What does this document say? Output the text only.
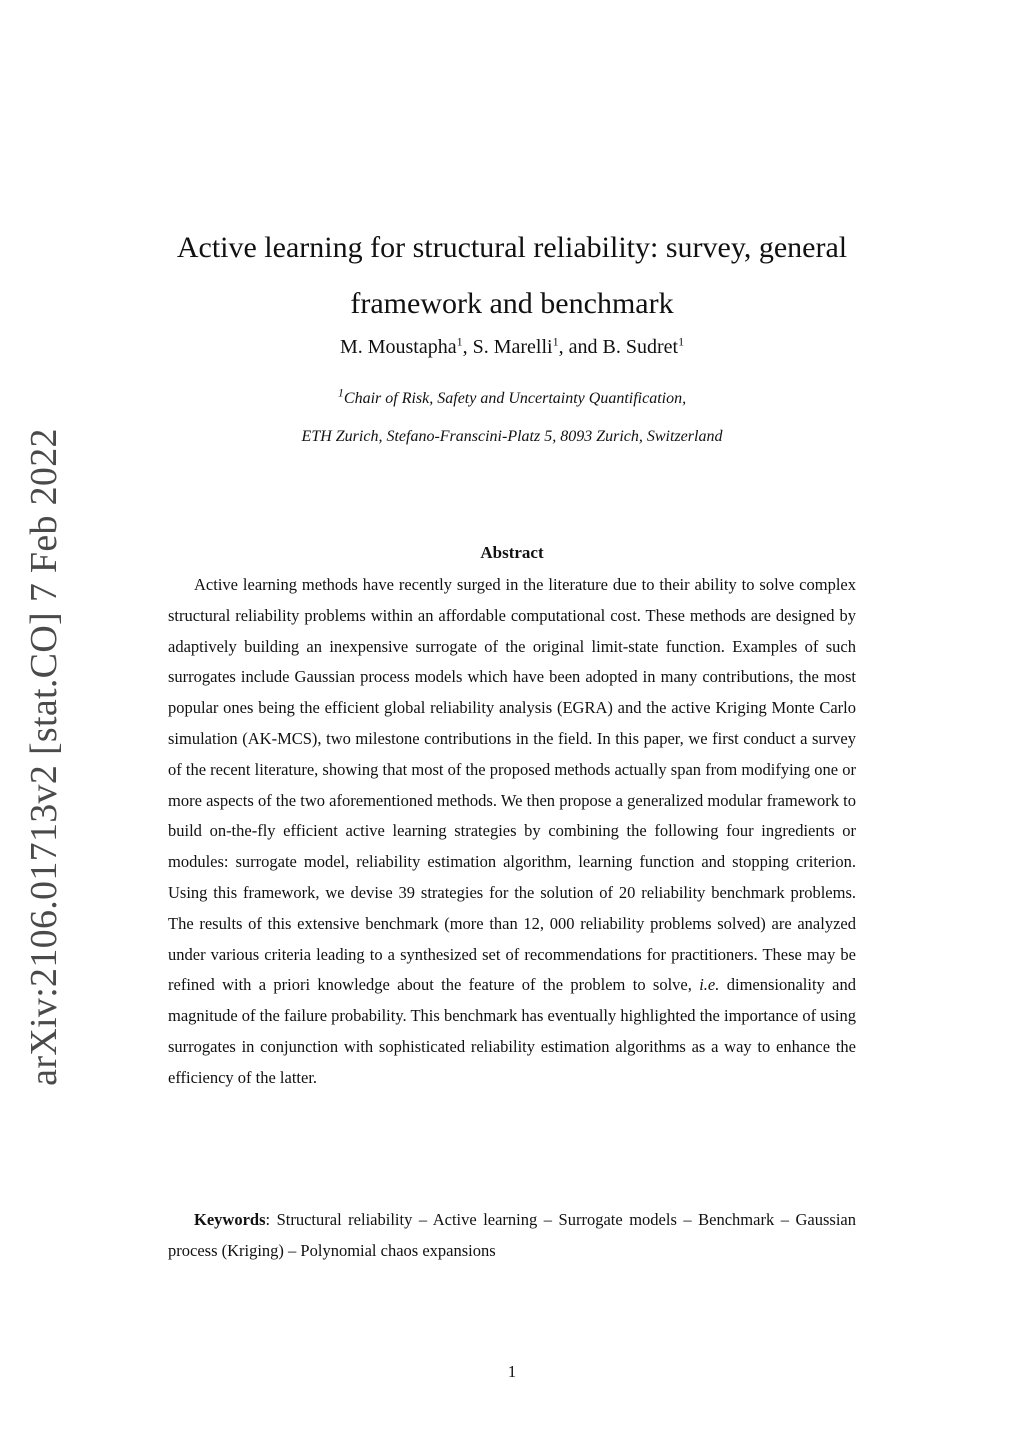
arXiv:2106.01713v2 [stat.CO] 7 Feb 2022
Active learning for structural reliability: survey, general framework and benchmark
M. Moustapha$^1$, S. Marelli$^1$, and B. Sudret$^1$
$^1$Chair of Risk, Safety and Uncertainty Quantification,
ETH Zurich, Stefano-Franscini-Platz 5, 8093 Zurich, Switzerland
Abstract

Active learning methods have recently surged in the literature due to their ability to solve complex structural reliability problems within an affordable computational cost. These methods are designed by adaptively building an inexpensive surrogate of the original limit-state function. Examples of such surrogates include Gaussian process models which have been adopted in many contributions, the most popular ones being the efficient global reliability analysis (EGRA) and the active Kriging Monte Carlo simulation (AK-MCS), two milestone contributions in the field. In this paper, we first conduct a survey of the recent literature, showing that most of the proposed methods actually span from modifying one or more aspects of the two aforementioned methods. We then propose a generalized modular framework to build on-the-fly efficient active learning strategies by combining the following four ingredients or modules: surrogate model, reliability estimation algorithm, learning function and stopping criterion. Using this framework, we devise 39 strategies for the solution of 20 reliability benchmark problems. The results of this extensive benchmark (more than 12, 000 reliability problems solved) are analyzed under various criteria leading to a synthesized set of recommendations for practitioners. These may be refined with a priori knowledge about the feature of the problem to solve, i.e. dimensionality and magnitude of the failure probability. This benchmark has eventually highlighted the importance of using surrogates in conjunction with sophisticated reliability estimation algorithms as a way to enhance the efficiency of the latter.

Keywords: Structural reliability – Active learning – Surrogate models – Benchmark – Gaussian process (Kriging) – Polynomial chaos expansions

1
